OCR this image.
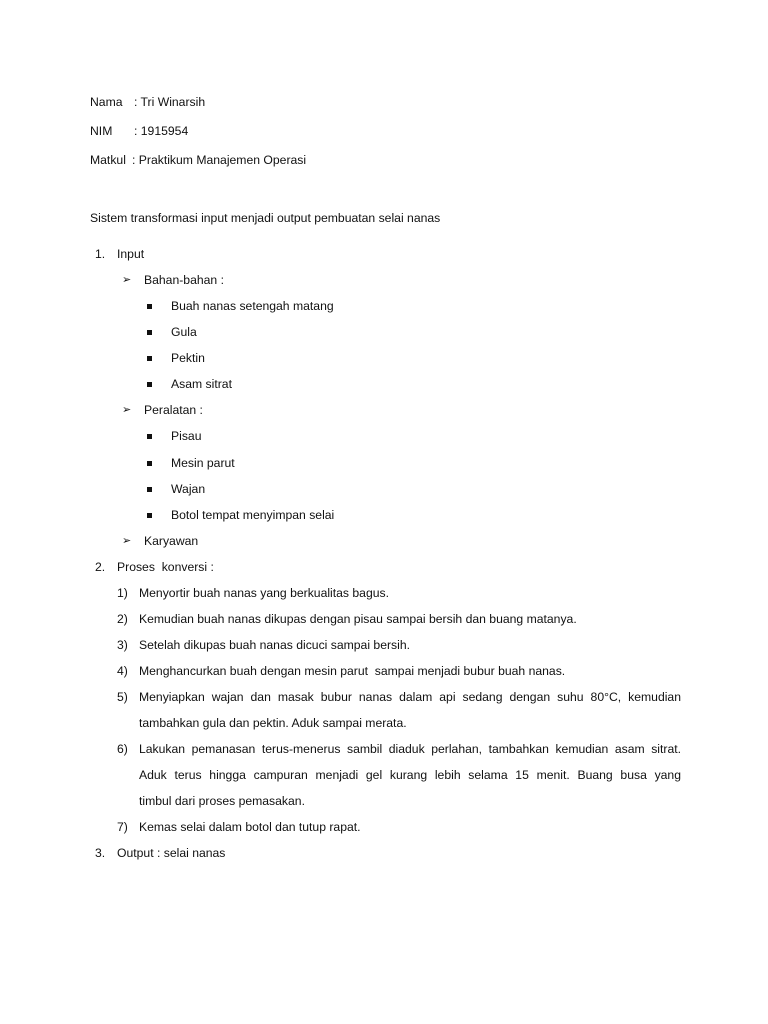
Nama : Tri Winarsih
NIM : 1915954
Matkul : Praktikum Manajemen Operasi
Sistem transformasi input menjadi output pembuatan selai nanas
1. Input
➢ Bahan-bahan :
Buah nanas setengah matang
Gula
Pektin
Asam sitrat
➢ Peralatan :
Pisau
Mesin parut
Wajan
Botol tempat menyimpan selai
➢ Karyawan
2. Proses  konversi :
1) Menyortir buah nanas yang berkualitas bagus.
2) Kemudian buah nanas dikupas dengan pisau sampai bersih dan buang matanya.
3) Setelah dikupas buah nanas dicuci sampai bersih.
4) Menghancurkan buah dengan mesin parut  sampai menjadi bubur buah nanas.
5) Menyiapkan wajan dan masak bubur nanas dalam api sedang dengan suhu 80°C, kemudian
tambahkan gula dan pektin. Aduk sampai merata.
6) Lakukan pemanasan terus-menerus sambil diaduk perlahan, tambahkan kemudian asam sitrat.
Aduk terus hingga campuran menjadi gel kurang lebih selama 15 menit. Buang busa yang
timbul dari proses pemasakan.
7) Kemas selai dalam botol dan tutup rapat.
3. Output : selai nanas
